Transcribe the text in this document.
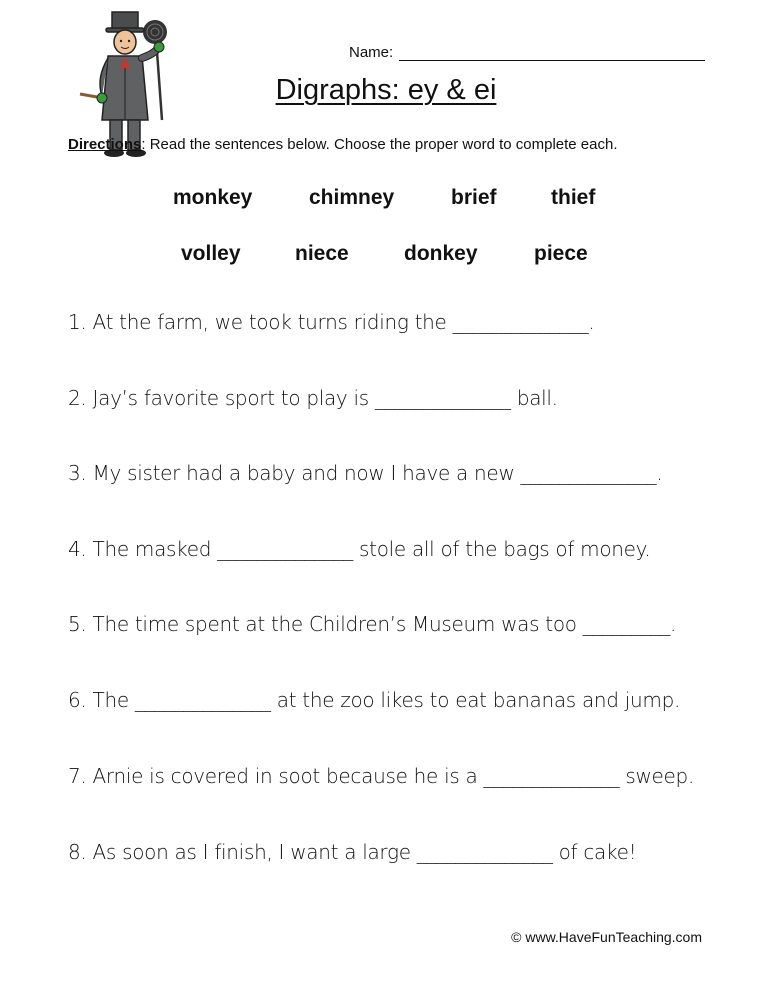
Name:
Digraphs: ey & ei
Directions: Read the sentences below. Choose the proper word to complete each.
monkey	chimney	brief	thief
volley	niece	donkey	piece
1. At the farm, we took turns riding the ______________.
2. Jay’s favorite sport to play is ______________ ball.
3. My sister had a baby and now I have a new ______________.
4. The masked ______________ stole all of the bags of money.
5. The time spent at the Children’s Museum was too _________.
6. The ______________ at the zoo likes to eat bananas and jump.
7. Arnie is covered in soot because he is a ______________ sweep.
8. As soon as I finish, I want a large ______________ of cake!
© www.HaveFunTeaching.com
